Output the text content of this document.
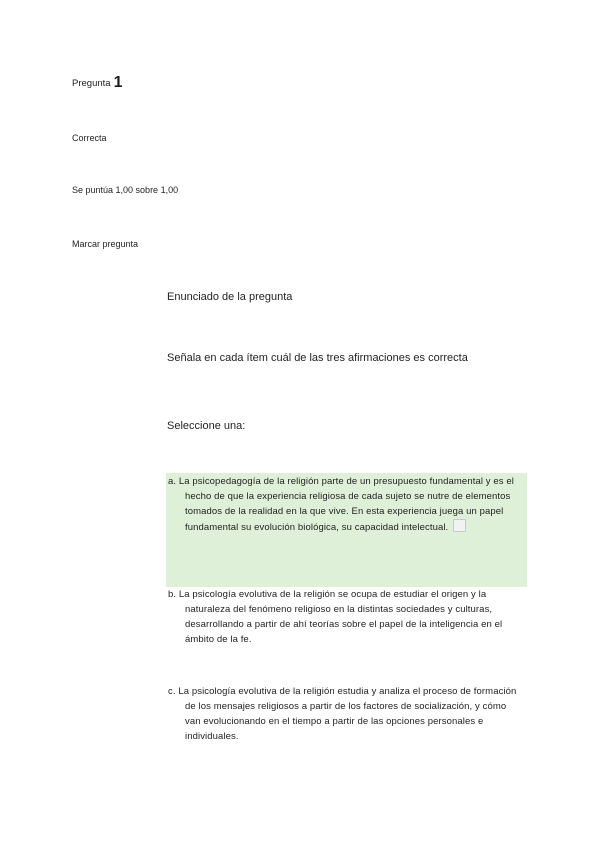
Pregunta 1
Correcta
Se puntúa 1,00 sobre 1,00
Marcar pregunta
Enunciado de la pregunta
Señala en cada ítem cuál de las tres afirmaciones es correcta
Seleccione una:
a. La psicopedagogía de la religión parte de un presupuesto fundamental y es el hecho de que la experiencia religiosa de cada sujeto se nutre de elementos tomados de la realidad en la que vive. En esta experiencia juega un papel fundamental su evolución biológica, su capacidad intelectual.
b. La psicología evolutiva de la religión se ocupa de estudiar el origen y la naturaleza del fenómeno religioso en la distintas sociedades y culturas, desarrollando a partir de ahí teorías sobre el papel de la inteligencia en el ámbito de la fe.
c. La psicología evolutiva de la religión estudia y analiza el proceso de formación de los mensajes religiosos a partir de los factores de socialización, y cómo van evolucionando en el tiempo a partir de las opciones personales e individuales.
